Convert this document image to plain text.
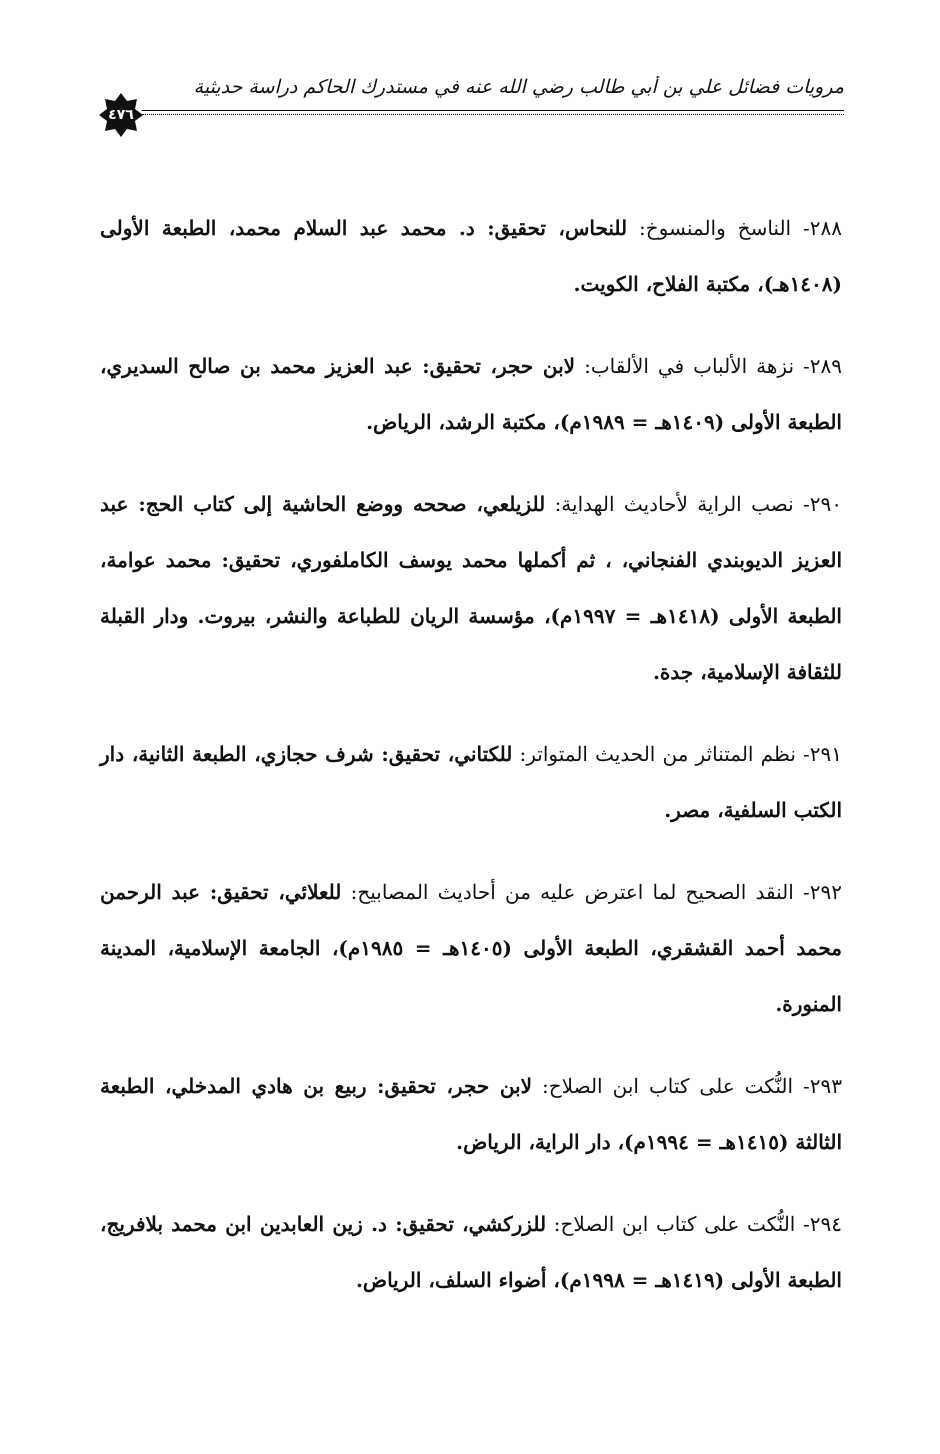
مرويات فضائل علي بن أبي طالب رضي الله عنه في مستدرك الحاكم دراسة حديثية
٤٧٦

٢٨٨- الناسخ والمنسوخ: للنحاس، تحقيق: د. محمد عبد السلام محمد، الطبعة الأولى (١٤٠٨هـ)، مكتبة الفلاح، الكويت.

٢٨٩- نزهة الألباب في الألقاب: لابن حجر، تحقيق: عبد العزيز محمد بن صالح السديري، الطبعة الأولى (١٤٠٩هـ = ١٩٨٩م)، مكتبة الرشد، الرياض.

٢٩٠- نصب الراية لأحاديث الهداية: للزيلعي، صححه ووضع الحاشية إلى كتاب الحج: عبد العزيز الديوبندي الفنجاني، ، ثم أكملها محمد يوسف الكاملفوري، تحقيق: محمد عوامة، الطبعة الأولى (١٤١٨هـ = ١٩٩٧م)، مؤسسة الريان للطباعة والنشر، بيروت. ودار القبلة للثقافة الإسلامية، جدة.

٢٩١- نظم المتناثر من الحديث المتواتر: للكتاني، تحقيق: شرف حجازي، الطبعة الثانية، دار الكتب السلفية، مصر.

٢٩٢- النقد الصحيح لما اعترض عليه من أحاديث المصابيح: للعلائي، تحقيق: عبد الرحمن محمد أحمد القشقري، الطبعة الأولى (١٤٠٥هـ = ١٩٨٥م)، الجامعة الإسلامية، المدينة المنورة.

٢٩٣- النُّكت على كتاب ابن الصلاح: لابن حجر، تحقيق: ربيع بن هادي المدخلي، الطبعة الثالثة (١٤١٥هـ = ١٩٩٤م)، دار الراية، الرياض.

٢٩٤- النُّكت على كتاب ابن الصلاح: للزركشي، تحقيق: د. زين العابدين ابن محمد بلافريج، الطبعة الأولى (١٤١٩هـ = ١٩٩٨م)، أضواء السلف، الرياض.
